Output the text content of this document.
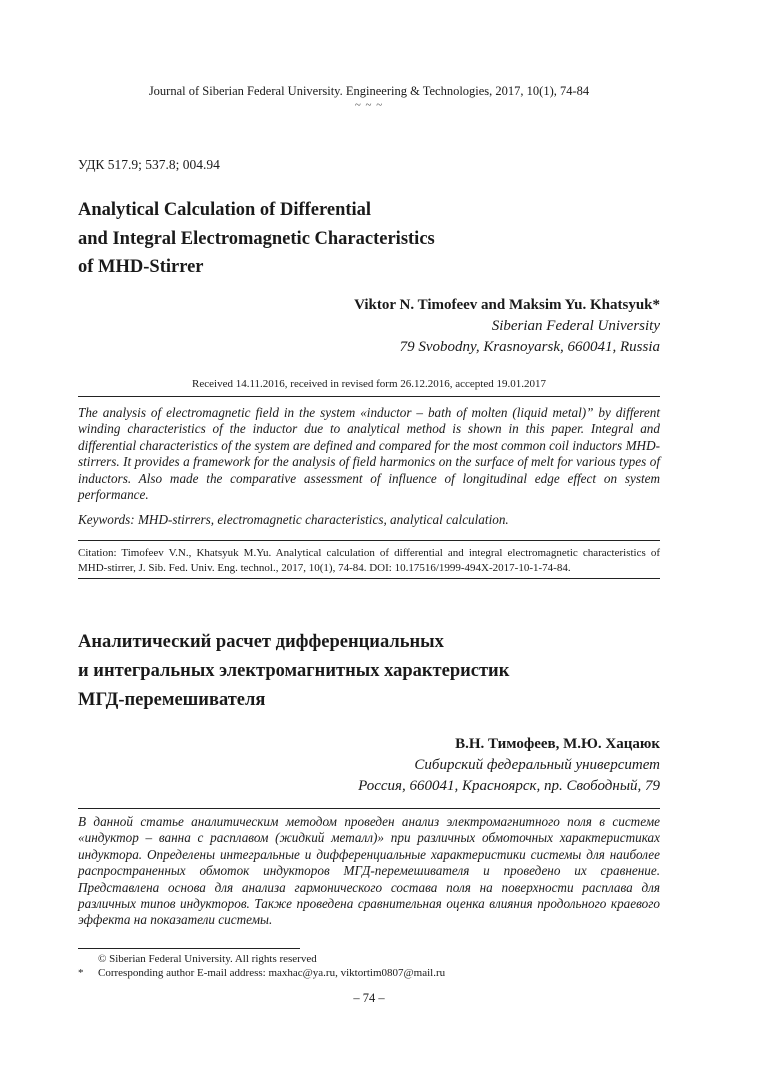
Journal of Siberian Federal University. Engineering & Technologies, 2017, 10(1), 74-84
~ ~ ~
УДК 517.9; 537.8; 004.94
Analytical Calculation of Differential
and Integral Electromagnetic Characteristics
of MHD-Stirrer
Viktor N. Timofeev and Maksim Yu. Khatsyuk*
Siberian Federal University
79 Svobodny, Krasnoyarsk, 660041, Russia
Received 14.11.2016, received in revised form 26.12.2016, accepted 19.01.2017
The analysis of electromagnetic field in the system «inductor – bath of molten (liquid metal)” by different winding characteristics of the inductor due to analytical method is shown in this paper. Integral and differential characteristics of the system are defined and compared for the most common coil inductors MHD-stirrers. It provides a framework for the analysis of field harmonics on the surface of melt for various types of inductors. Also made the comparative assessment of influence of longitudinal edge effect on system performance.
Keywords: MHD-stirrers, electromagnetic characteristics, analytical calculation.
Citation: Timofeev V.N., Khatsyuk M.Yu. Analytical calculation of differential and integral electromagnetic characteristics of MHD-stirrer, J. Sib. Fed. Univ. Eng. technol., 2017, 10(1), 74-84. DOI: 10.17516/1999-494X-2017-10-1-74-84.
Аналитический расчет дифференциальных
и интегральных электромагнитных характеристик
МГД-перемешивателя
В.Н. Тимофеев, М.Ю. Хацаюк
Сибирский федеральный университет
Россия, 660041, Красноярск, пр. Свободный, 79
В данной статье аналитическим методом проведен анализ электромагнитного поля в системе «индуктор – ванна с расплавом (жидкий металл)» при различных обмоточных характеристиках индуктора. Определены интегральные и дифференциальные характеристики системы для наиболее распространенных обмоток индукторов МГД-перемешивателя и проведено их сравнение. Представлена основа для анализа гармонического состава поля на поверхности расплава для различных типов индукторов. Также проведена сравнительная оценка влияния продольного краевого эффекта на показатели системы.
© Siberian Federal University. All rights reserved
* Corresponding author E-mail address: maxhac@ya.ru, viktortim0807@mail.ru
– 74 –
